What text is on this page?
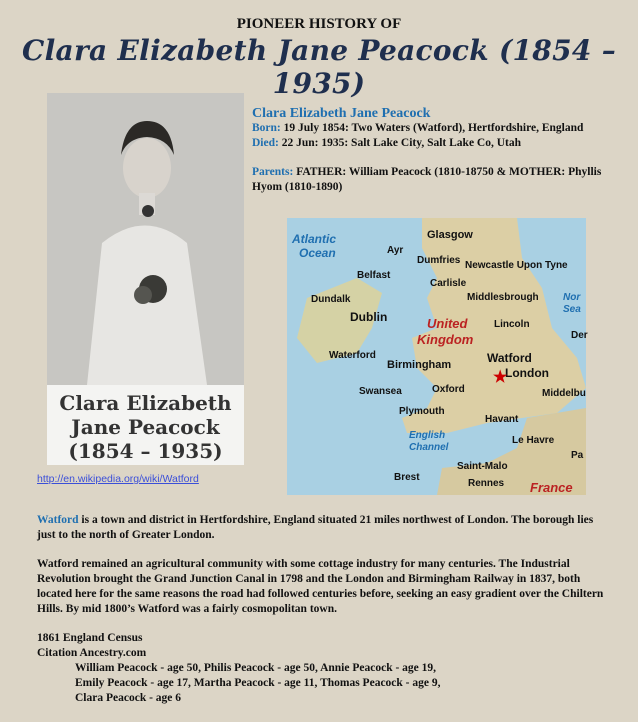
PIONEER HISTORY OF
Clara Elizabeth Jane Peacock (1854 – 1935)
Clara Elizabeth
Jane Peacock
(1854 – 1935)
http://en.wikipedia.org/wiki/Watford
Clara Elizabeth Jane Peacock
Born: 19 July 1854: Two Waters (Watford), Hertfordshire, England
Died: 22 Jun: 1935: Salt Lake City, Salt Lake Co, Utah
Parents: FATHER: William Peacock (1810-18750 & MOTHER: Phyllis Hyom (1810-1890)
Atlantic
Ocean
Glasgow
Ayr
Dumfries Newcastle Upon Tyne
Belfast
Carlisle
Dundalk	Middlesbrough Nor
Sea
Dublin	United
Kingdom
Lincoln
Der
Waterford
Birmingham	Watford
London
★
Swansea	Oxford	Middelbu
Plymouth
Havant
English
Channel
Le Havre
Pa
Brest
Saint-Malo
Rennes France

Watford is a town and district in Hertfordshire, England situated 21 miles northwest of London. The borough lies just to the north of Greater London.

Watford remained an agricultural community with some cottage industry for many centuries. The Industrial Revolution brought the Grand Junction Canal in 1798 and the London and Birmingham Railway in 1837, both located here for the same reasons the road had followed centuries before, seeking an easy gradient over the Chiltern Hills. By mid 1800’s Watford was a fairly cosmopolitan town.

1861 England Census
Citation Ancestry.com
William Peacock - age 50, Philis Peacock - age 50, Annie Peacock - age 19,
Emily Peacock - age 17, Martha Peacock - age 11, Thomas Peacock - age 9,
Clara Peacock - age 6
